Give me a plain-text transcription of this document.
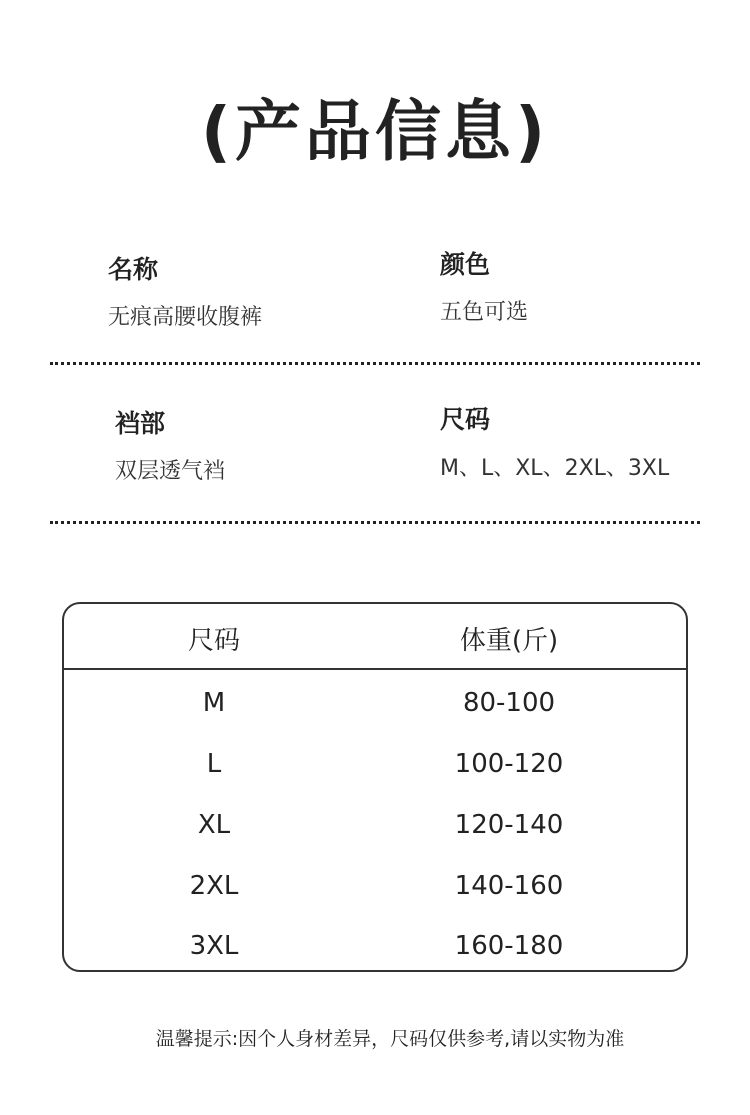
(产品信息)
名称
无痕高腰收腹裤
颜色
五色可选
裆部
双层透气裆
尺码
M、L、XL、2XL、3XL
尺码	体重(斤)
M	80-100
L	100-120
XL	120-140
2XL	140-160
3XL	160-180
温馨提示:因个人身材差异，尺码仅供参考,请以实物为准
